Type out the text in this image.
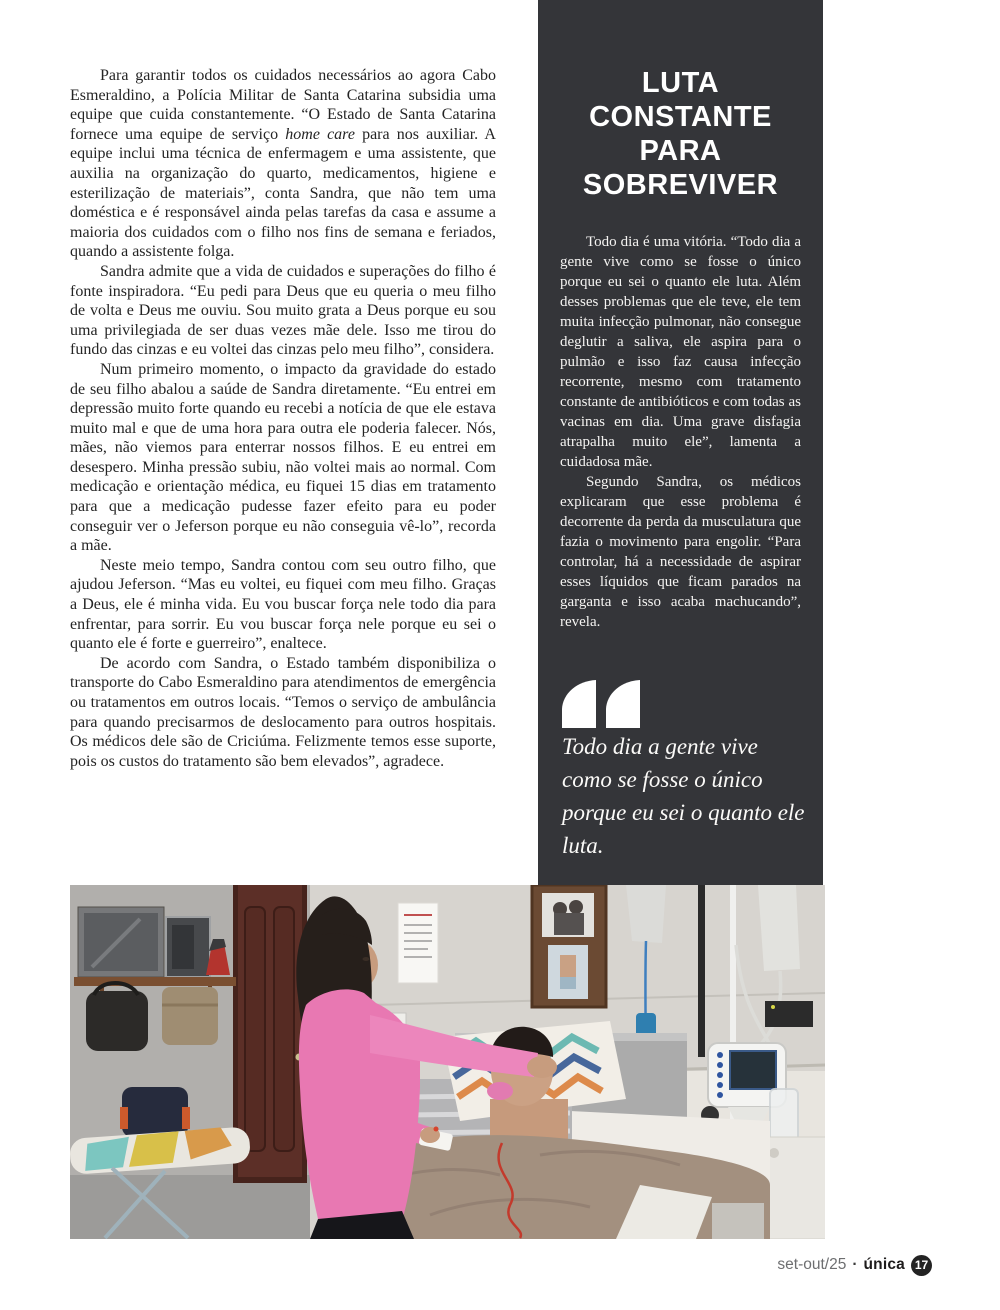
Para garantir todos os cuidados necessários ao agora Cabo Esmeraldino, a Polícia Militar de Santa Catarina subsidia uma equipe que cuida constantemente. “O Estado de Santa Catarina fornece uma equipe de serviço home care para nos auxiliar. A equipe inclui uma técnica de enfermagem e uma assistente, que auxilia na organização do quarto, medicamentos, higiene e esterilização de materiais”, conta Sandra, que não tem uma doméstica e é responsável ainda pelas tarefas da casa e assume a maioria dos cuidados com o filho nos fins de semana e feriados, quando a assistente folga.

Sandra admite que a vida de cuidados e superações do filho é fonte inspiradora. “Eu pedi para Deus que eu queria o meu filho de volta e Deus me ouviu. Sou muito grata a Deus porque eu sou uma privilegiada de ser duas vezes mãe dele. Isso me tirou do fundo das cinzas e eu voltei das cinzas pelo meu filho”, considera.

Num primeiro momento, o impacto da gravidade do estado de seu filho abalou a saúde de Sandra diretamente. “Eu entrei em depressão muito forte quando eu recebi a notícia de que ele estava muito mal e que de uma hora para outra ele poderia falecer. Nós, mães, não viemos para enterrar nossos filhos. E eu entrei em desespero. Minha pressão subiu, não voltei mais ao normal. Com medicação e orientação médica, eu fiquei 15 dias em tratamento para que a medicação pudesse fazer efeito para eu poder conseguir ver o Jeferson porque eu não conseguia vê-lo”, recorda a mãe.

Neste meio tempo, Sandra contou com seu outro filho, que ajudou Jeferson. “Mas eu voltei, eu fiquei com meu filho. Graças a Deus, ele é minha vida. Eu vou buscar força nele todo dia para enfrentar, para sorrir. Eu vou buscar força nele porque eu sei o quanto ele é forte e guerreiro”, enaltece.

De acordo com Sandra, o Estado também disponibiliza o transporte do Cabo Esmeraldino para atendimentos de emergência ou tratamentos em outros locais. “Temos o serviço de ambulância para quando precisarmos de deslocamento para outros hospitais. Os médicos dele são de Criciúma. Felizmente temos esse suporte, pois os custos do tratamento são bem elevados”, agradece.

LUTA
CONSTANTE
PARA
SOBREVIVER

Todo dia é uma vitória. “Todo dia a gente vive como se fosse o único porque eu sei o quanto ele luta. Além desses problemas que ele teve, ele tem muita infecção pulmonar, não consegue deglutir a saliva, ele aspira para o pulmão e isso faz causa infecção recorrente, mesmo com tratamento constante de antibióticos e com todas as vacinas em dia. Uma grave disfagia atrapalha muito ele”, lamenta a cuidadosa mãe.

Segundo Sandra, os médicos explicaram que esse problema é decorrente da perda da musculatura que fazia o movimento para engolir. “Para controlar, há a necessidade de aspirar esses líquidos que ficam parados na garganta e isso acaba machucando”, revela.

Todo dia a gente vive como se fosse o único porque eu sei o quanto ele luta.
set-out/25 · única 17
